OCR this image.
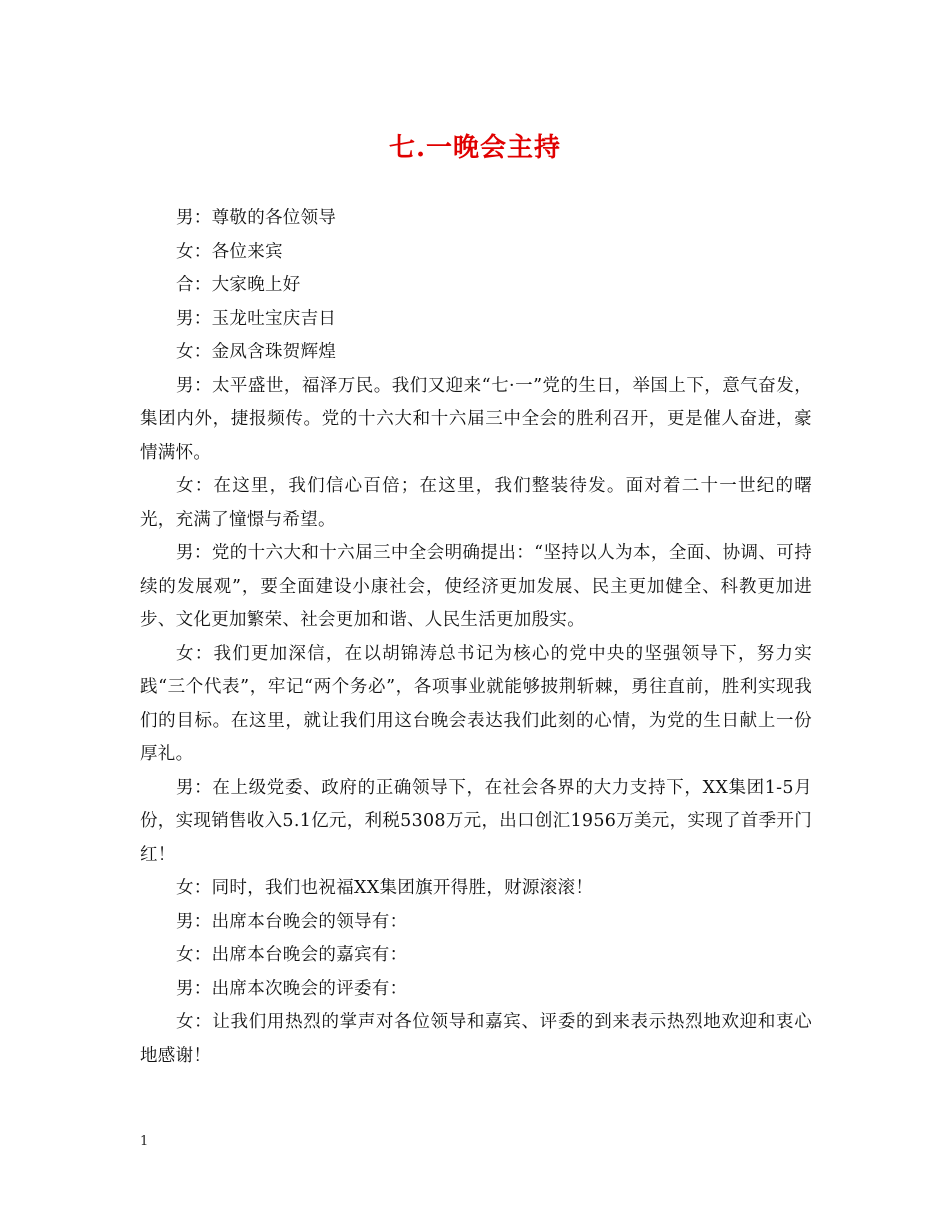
七.一晚会主持

男：尊敬的各位领导

女：各位来宾

合：大家晚上好

男：玉龙吐宝庆吉日

女：金凤含珠贺辉煌

男：太平盛世，福泽万民。我们又迎来“七·一”党的生日，举国上下，意气奋发，集团内外，捷报频传。党的十六大和十六届三中全会的胜利召开，更是催人奋进，豪情满怀。

女：在这里，我们信心百倍；在这里，我们整装待发。面对着二十一世纪的曙光，充满了憧憬与希望。

男：党的十六大和十六届三中全会明确提出：“坚持以人为本，全面、协调、可持续的发展观”，要全面建设小康社会，使经济更加发展、民主更加健全、科教更加进步、文化更加繁荣、社会更加和谐、人民生活更加殷实。

女：我们更加深信，在以胡锦涛总书记为核心的党中央的坚强领导下，努力实践“三个代表”，牢记“两个务必”，各项事业就能够披荆斩棘，勇往直前，胜利实现我们的目标。在这里，就让我们用这台晚会表达我们此刻的心情，为党的生日献上一份厚礼。

男：在上级党委、政府的正确领导下，在社会各界的大力支持下，XX集团1-5月份，实现销售收入5.1亿元，利税5308万元，出口创汇1956万美元，实现了首季开门红！

女：同时，我们也祝福XX集团旗开得胜，财源滚滚！

男：出席本台晚会的领导有：

女：出席本台晚会的嘉宾有：

男：出席本次晚会的评委有：

女：让我们用热烈的掌声对各位领导和嘉宾、评委的到来表示热烈地欢迎和衷心地感谢！

1
